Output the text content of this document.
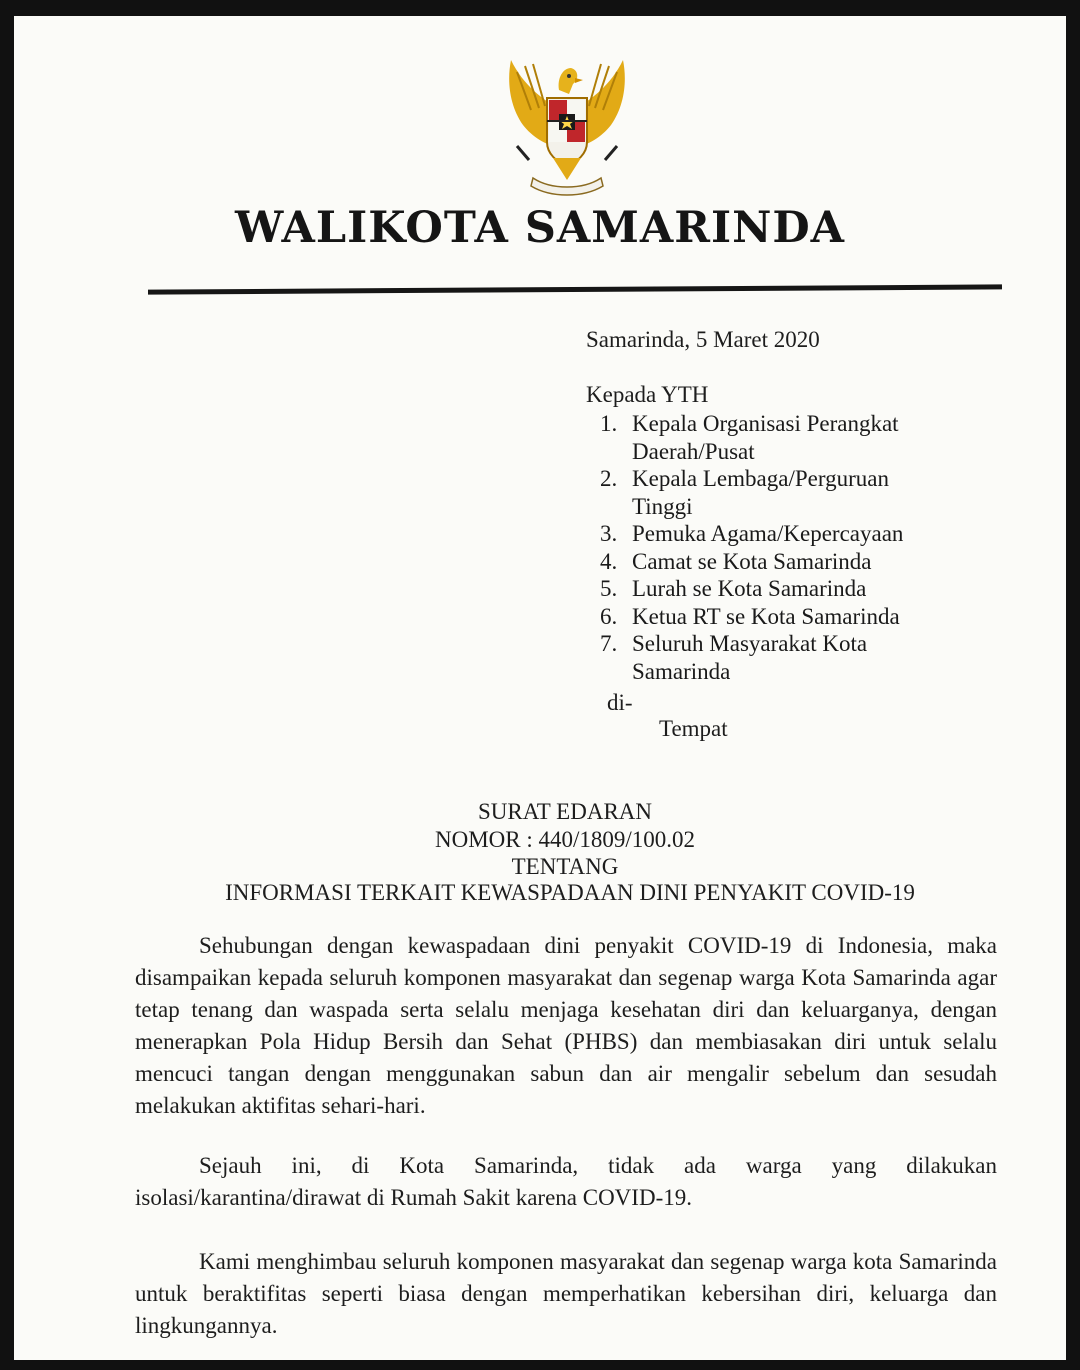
WALIKOTA SAMARINDA
Samarinda, 5 Maret 2020
Kepada YTH
1. Kepala Organisasi Perangkat Daerah/Pusat
2. Kepala Lembaga/Perguruan Tinggi
3. Pemuka Agama/Kepercayaan
4. Camat se Kota Samarinda
5. Lurah se Kota Samarinda
6. Ketua RT se Kota Samarinda
7. Seluruh Masyarakat Kota Samarinda
di-
Tempat
SURAT EDARAN
NOMOR : 440/1809/100.02
TENTANG
INFORMASI TERKAIT KEWASPADAAN DINI PENYAKIT COVID-19
Sehubungan dengan kewaspadaan dini penyakit COVID-19 di Indonesia, maka disampaikan kepada seluruh komponen masyarakat dan segenap warga Kota Samarinda agar tetap tenang dan waspada serta selalu menjaga kesehatan diri dan keluarganya, dengan menerapkan Pola Hidup Bersih dan Sehat (PHBS) dan membiasakan diri untuk selalu mencuci tangan dengan menggunakan sabun dan air mengalir sebelum dan sesudah melakukan aktifitas sehari-hari.
Sejauh ini, di Kota Samarinda, tidak ada warga yang dilakukan isolasi/karantina/dirawat di Rumah Sakit karena COVID-19.
Kami menghimbau seluruh komponen masyarakat dan segenap warga kota Samarinda untuk beraktifitas seperti biasa dengan memperhatikan kebersihan diri, keluarga dan lingkungannya.
